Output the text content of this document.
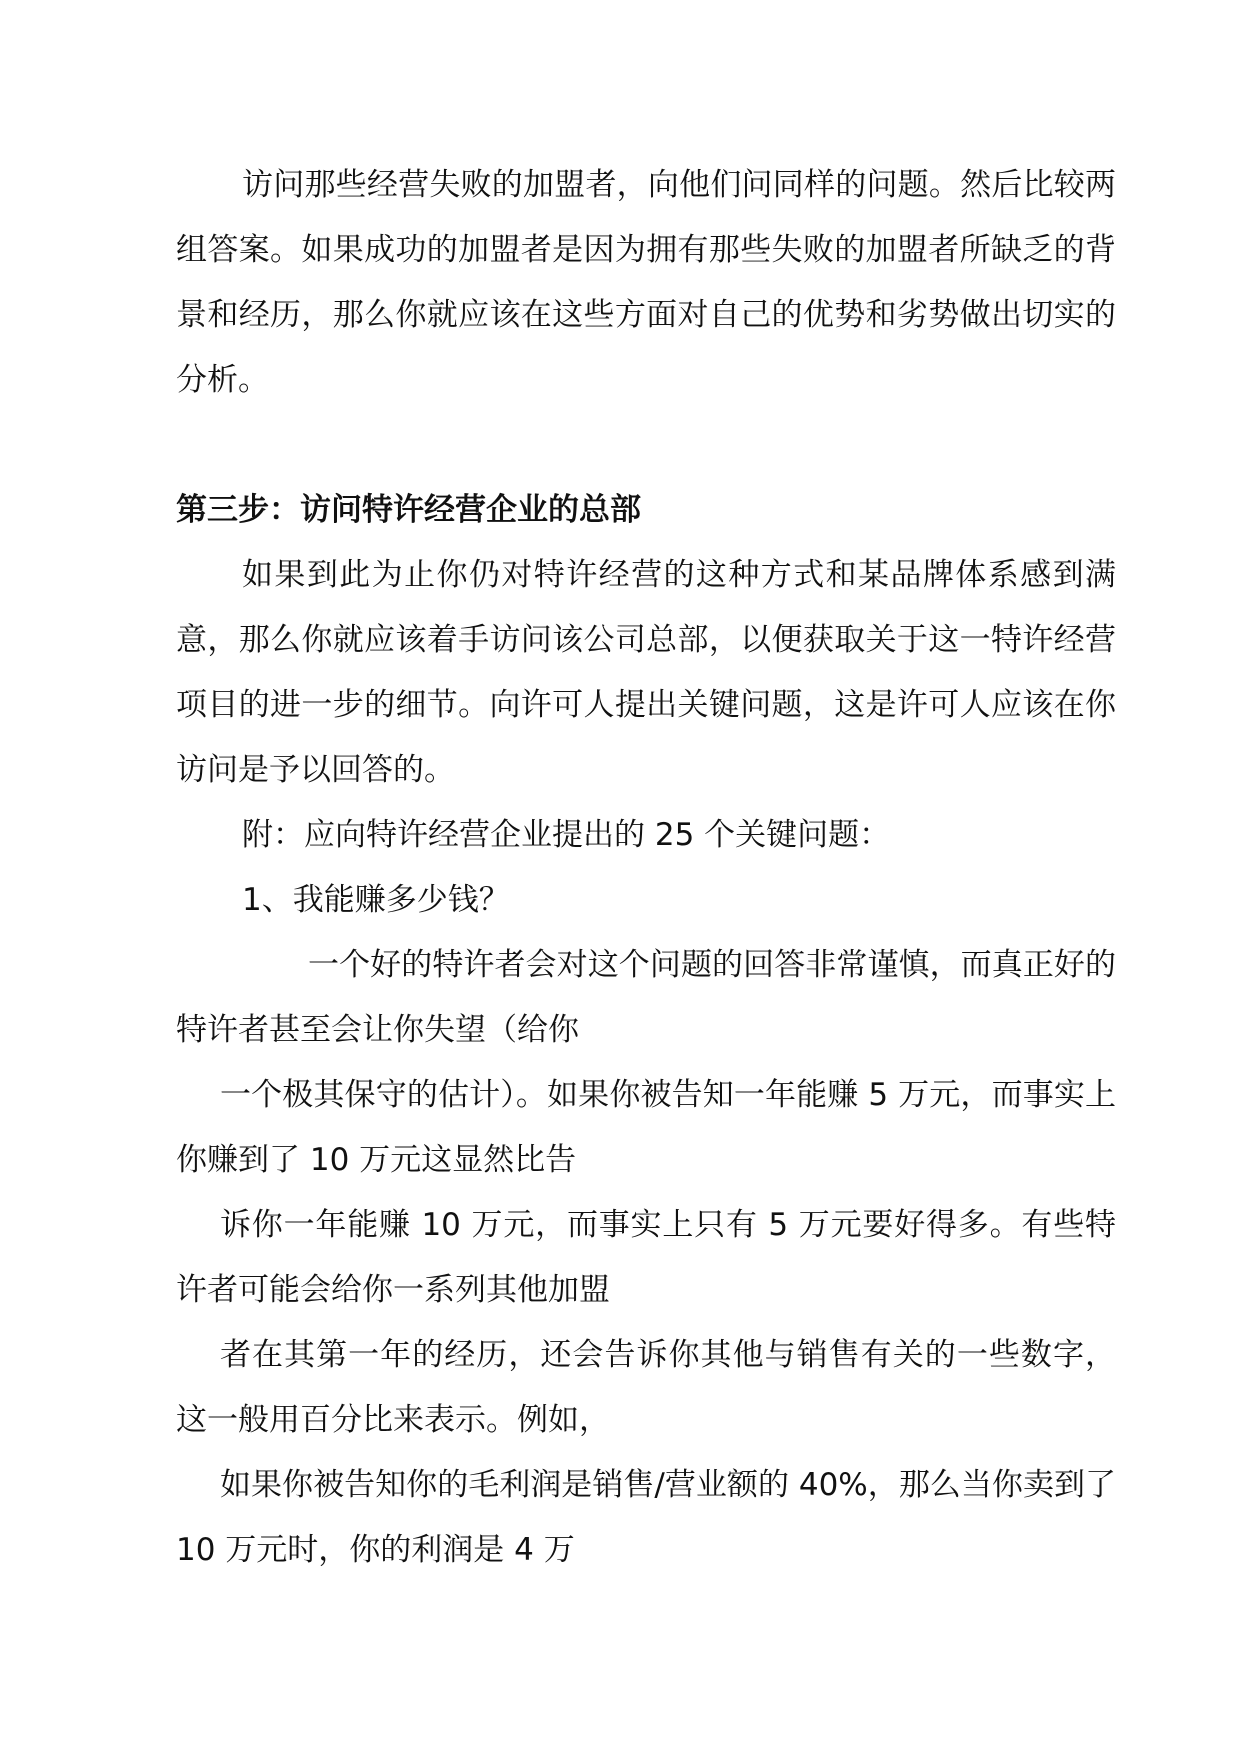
访问那些经营失败的加盟者，向他们问同样的问题。然后比较两组答案。如果成功的加盟者是因为拥有那些失败的加盟者所缺乏的背景和经历，那么你就应该在这些方面对自己的优势和劣势做出切实的分析。

第三步：访问特许经营企业的总部

如果到此为止你仍对特许经营的这种方式和某品牌体系感到满意，那么你就应该着手访问该公司总部，以便获取关于这一特许经营项目的进一步的细节。向许可人提出关键问题，这是许可人应该在你访问是予以回答的。

附：应向特许经营企业提出的 25 个关键问题：

1、我能赚多少钱？

一个好的特许者会对这个问题的回答非常谨慎，而真正好的特许者甚至会让你失望（给你

一个极其保守的估计）。如果你被告知一年能赚 5 万元，而事实上你赚到了 10 万元这显然比告

诉你一年能赚 10 万元，而事实上只有 5 万元要好得多。有些特许者可能会给你一系列其他加盟

者在其第一年的经历，还会告诉你其他与销售有关的一些数字，这一般用百分比来表示。例如，

如果你被告知你的毛利润是销售/营业额的 40%，那么当你卖到了 10 万元时，你的利润是 4 万
